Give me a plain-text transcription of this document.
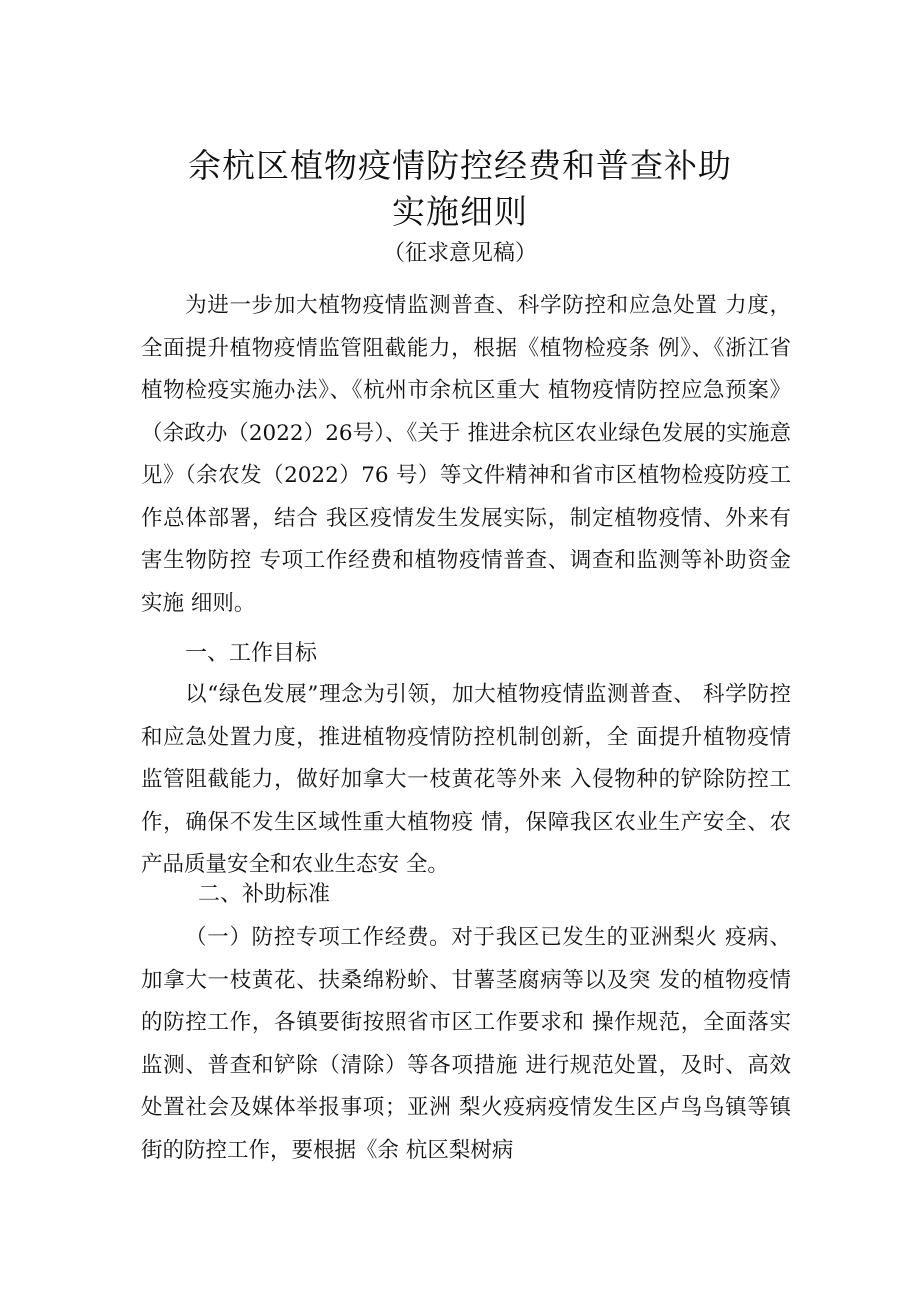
余杭区植物疫情防控经费和普查补助
实施细则
（征求意见稿）

为进一步加大植物疫情监测普查、科学防控和应急处置 力度，全面提升植物疫情监管阻截能力，根据《植物检疫条 例》、《浙江省植物检疫实施办法》、《杭州市余杭区重大 植物疫情防控应急预案》（余政办（2022）26号）、《关于 推进余杭区农业绿色发展的实施意见》（余农发（2022）76 号）等文件精神和省市区植物检疫防疫工作总体部署，结合 我区疫情发生发展实际，制定植物疫情、外来有害生物防控 专项工作经费和植物疫情普查、调查和监测等补助资金实施 细则。

一、工作目标

以“绿色发展”理念为引领，加大植物疫情监测普查、 科学防控和应急处置力度，推进植物疫情防控机制创新，全 面提升植物疫情监管阻截能力，做好加拿大一枝黄花等外来 入侵物种的铲除防控工作，确保不发生区域性重大植物疫 情，保障我区农业生产安全、农产品质量安全和农业生态安 全。

二、补助标准

（一）防控专项工作经费。对于我区已发生的亚洲梨火 疫病、加拿大一枝黄花、扶桑绵粉蚧、甘薯茎腐病等以及突 发的植物疫情的防控工作，各镇要街按照省市区工作要求和 操作规范，全面落实监测、普查和铲除（清除）等各项措施 进行规范处置，及时、高效处置社会及媒体举报事项；亚洲 梨火疫病疫情发生区卢鸟鸟镇等镇街的防控工作，要根据《余 杭区梨树病
